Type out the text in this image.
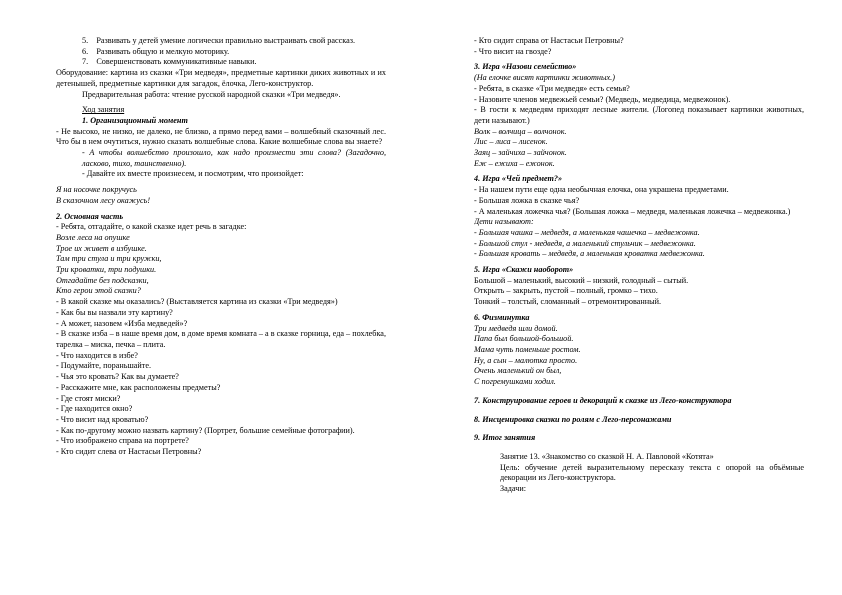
5.    Развивать у детей умение логически правильно выстраивать свой рассказ.
6.    Развивать общую и мелкую моторику.
7.    Совершенствовать коммуникативные навыки.
Оборудование: картина из сказки «Три медведя», предметные картинки диких животных и их детенышей, предметные картинки для загадок, ёлочка, Лего-конструктор.
Предварительная работа: чтение русской народной сказки «Три медведя».
Ход занятия
1. Организационный момент
- Не высоко, не низко, не далеко, не близко, а прямо перед вами – волшебный сказочный лес. Что бы в нем очутиться, нужно сказать волшебные слова. Какие волшебные слова вы знаете?
- А чтобы волшебство произошло, как надо произнести эти слова? (Загадочно, ласково, тихо, таинственно).
- Давайте их вместе произнесем, и посмотрим, что произойдет:
Я на носочке покручусь
В сказочном лесу окажусь!
2. Основная часть
- Ребята, отгадайте, о какой сказке идет речь в загадке:
Возле леса на опушке
Трое их живет в избушке.
Там три стула и три кружки,
Три кроватки, три подушки.
Отгадайте без подсказки,
Кто герои этой сказки?
- В какой сказке мы оказались? (Выставляется картина из сказки «Три медведя»)
- Как бы вы назвали эту картину?
- А может, назовем «Изба медведей»?
- В сказке изба – в наше время дом, в доме время комната – а в сказке горница, еда – похлебка, тарелка – миска, печка – плита.
- Что находится в избе?
- Подумайте, пораньшайте.
- Чья это кровать? Как вы думаете?
- Расскажите мне, как расположены предметы?
- Где стоят миски?
- Где находится окно?
- Что висит над кроватью?
- Как по-другому можно назвать картину? (Портрет, большие семейные фотографии).
- Что изображено справа на портрете?
- Кто сидит слева от Настасьи Петровны?
- Кто сидит справа от Настасьи Петровны?
- Что висит на гвозде?
3. Игра «Назови семейство»
(На елочке висят картинки животных.)
- Ребята, в сказке «Три медведя» есть семья?
- Назовите членов медвежьей семьи? (Медведь, медведица, медвежонок).
- В гости к медведям приходят лесные жители. (Логопед показывает картинки животных, дети называют.)
Волк – волчица – волчонок.
Лис – лиса – лисенок.
Заяц – зайчиха – зайчонок.
Еж – ежиха – ежонок.
4. Игра «Чей предмет?»
- На нашем пути еще одна необычная елочка, она украшена предметами.
- Большая ложка в сказке чья?
- А маленькая ложечка чья? (Большая ложка – медведя, маленькая ложечка – медвежонка.)
Дети называют:
- Большая чашка – медведя, а маленькая чашечка – медвежонка.
- Большой стул - медведя, а маленький стульчик – медвежонка.
- Большая кровать – медведя, а маленькая кроватка медвежонка.
5. Игра «Скажи наоборот»
Большой – маленький, высокий – низкий, голодный – сытый.
Открыть – закрыть, пустой – полный, громко – тихо.
Тонкий – толстый, сломанный – отремонтированный.
6. Физминутка
Три медведя шли домой.
Папа был большой-большой.
Мама чуть поменьше ростом.
Ну, а сын – малютка просто.
Очень маленький он был,
С погремушками ходил.
7. Конструирование героев и декораций к сказке из Лего-конструктора
8. Инсценировка сказки по ролям с Лего-персонажами
9. Итог занятия
Занятие 13. «Знакомство со сказкой Н. А. Павловой «Котята»
Цель: обучение детей выразительному пересказу текста с опорой на объёмные декорации из Лего-конструктора.
Задачи:
